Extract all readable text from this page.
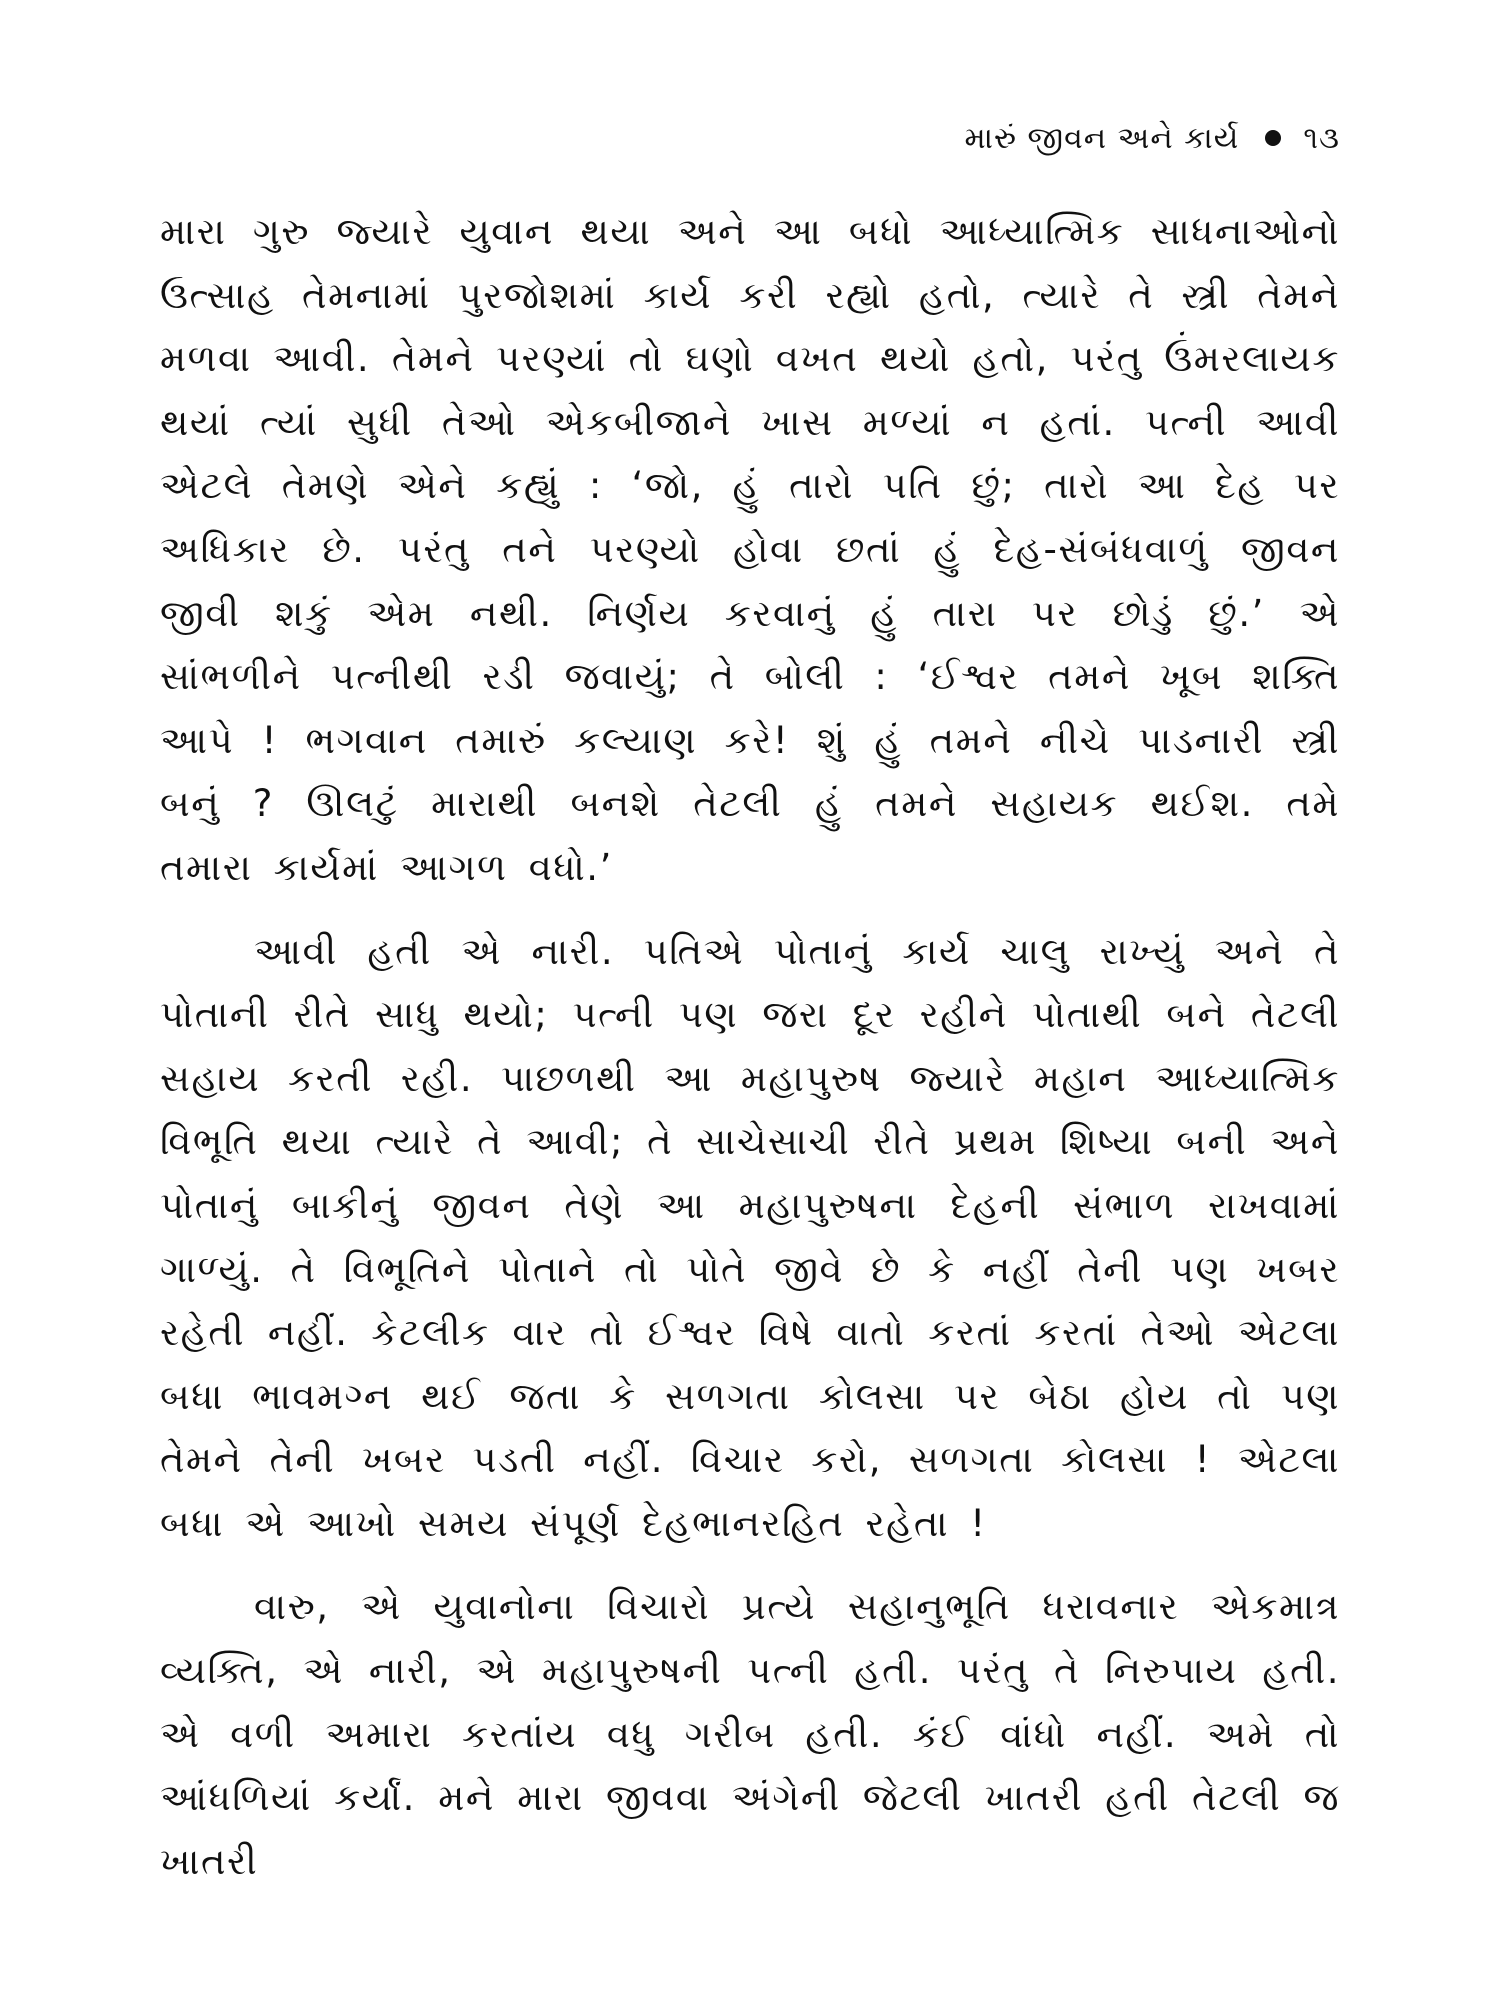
મારું જીવન અને કાર્ય ૧૩

મારા ગુરુ જ્યારે યુવાન થયા અને આ બધો આધ્યાત્મિક સાધનાઓનો ઉત્સાહ તેમનામાં પુરજોશમાં કાર્ય કરી રહ્યો હતો, ત્યારે તે સ્ત્રી તેમને મળવા આવી. તેમને પરણ્યાં તો ઘણો વખત થયો હતો, પરંતુ ઉંમરલાયક થયાં ત્યાં સુધી તેઓ એકબીજાને ખાસ મળ્યાં ન હતાં. પત્ની આવી એટલે તેમણે એને કહ્યું : ‘જો, હું તારો પતિ છું; તારો આ દેહ પર અધિકાર છે. પરંતુ તને પરણ્યો હોવા છતાં હું દેહ-સંબંધવાળું જીવન જીવી શકું એમ નથી. નિર્ણય કરવાનું હું તારા પર છોડું છું.’ એ સાંભળીને પત્નીથી રડી જવાયું; તે બોલી : ‘ઈશ્વર તમને ખૂબ શક્તિ આપે ! ભગવાન તમારું કલ્યાણ કરે! શું હું તમને નીચે પાડનારી સ્ત્રી બનું ? ઊલટું મારાથી બનશે તેટલી હું તમને સહાયક થઈશ. તમે તમારા કાર્યમાં આગળ વધો.’

આવી હતી એ નારી. પતિએ પોતાનું કાર્ય ચાલુ રાખ્યું અને તે પોતાની રીતે સાધુ થયો; પત્ની પણ જરા દૂર રહીને પોતાથી બને તેટલી સહાય કરતી રહી. પાછળથી આ મહાપુરુષ જ્યારે મહાન આધ્યાત્મિક વિભૂતિ થયા ત્યારે તે આવી; તે સાચેસાચી રીતે પ્રથમ શિષ્યા બની અને પોતાનું બાકીનું જીવન તેણે આ મહાપુરુષના દેહની સંભાળ રાખવામાં ગાળ્યું. તે વિભૂતિને પોતાને તો પોતે જીવે છે કે નહીં તેની પણ ખબર રહેતી નહીં. કેટલીક વાર તો ઈશ્વર વિષે વાતો કરતાં કરતાં તેઓ એટલા બધા ભાવમગ્ન થઈ જતા કે સળગતા કોલસા પર બેઠા હોય તો પણ તેમને તેની ખબર પડતી નહીં. વિચાર કરો, સળગતા કોલસા ! એટલા બધા એ આખો સમય સંપૂર્ણ દેહભાનરહિત રહેતા !

વારુ, એ યુવાનોના વિચારો પ્રત્યે સહાનુભૂતિ ધરાવનાર એકમાત્ર વ્યક્તિ, એ નારી, એ મહાપુરુષની પત્ની હતી. પરંતુ તે નિરુપાય હતી. એ વળી અમારા કરતાંય વધુ ગરીબ હતી. કંઈ વાંધો નહીં. અમે તો આંધળિયાં કર્યાં. મને મારા જીવવા અંગેની જેટલી ખાતરી હતી તેટલી જ ખાતરી
